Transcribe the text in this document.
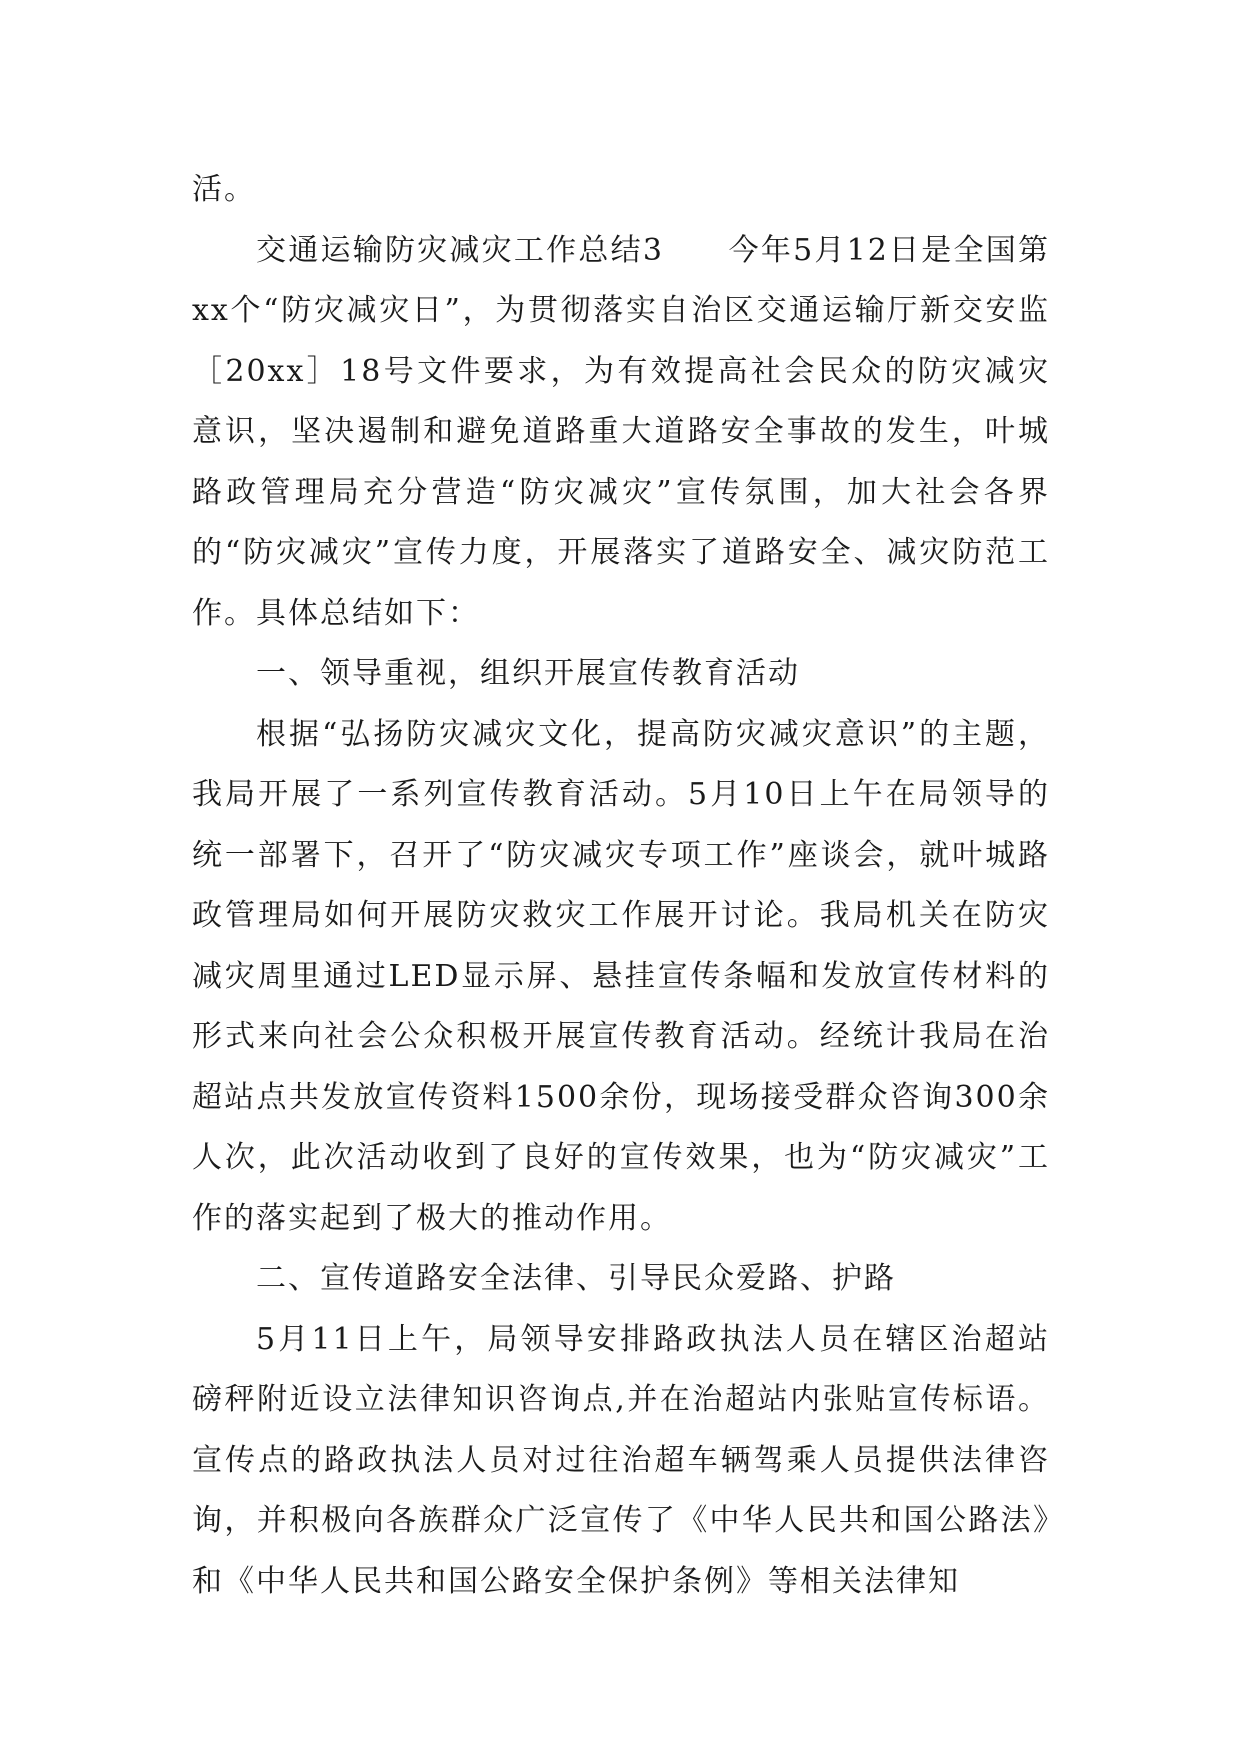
活。

交通运输防灾减灾工作总结3　　今年5月12日是全国第xx个“防灾减灾日”，为贯彻落实自治区交通运输厅新交安监［20xx］18号文件要求，为有效提高社会民众的防灾减灾意识，坚决遏制和避免道路重大道路安全事故的发生，叶城路政管理局充分营造“防灾减灾”宣传氛围，加大社会各界的“防灾减灾”宣传力度，开展落实了道路安全、减灾防范工作。具体总结如下：

一、领导重视，组织开展宣传教育活动

根据“弘扬防灾减灾文化，提高防灾减灾意识”的主题，我局开展了一系列宣传教育活动。5月10日上午在局领导的统一部署下，召开了“防灾减灾专项工作”座谈会，就叶城路政管理局如何开展防灾救灾工作展开讨论。我局机关在防灾减灾周里通过LED显示屏、悬挂宣传条幅和发放宣传材料的形式来向社会公众积极开展宣传教育活动。经统计我局在治超站点共发放宣传资料1500余份，现场接受群众咨询300余人次，此次活动收到了良好的宣传效果，也为“防灾减灾”工作的落实起到了极大的推动作用。

二、宣传道路安全法律、引导民众爱路、护路

5月11日上午，局领导安排路政执法人员在辖区治超站磅秤附近设立法律知识咨询点,并在治超站内张贴宣传标语。宣传点的路政执法人员对过往治超车辆驾乘人员提供法律咨询，并积极向各族群众广泛宣传了《中华人民共和国公路法》和《中华人民共和国公路安全保护条例》等相关法律知
